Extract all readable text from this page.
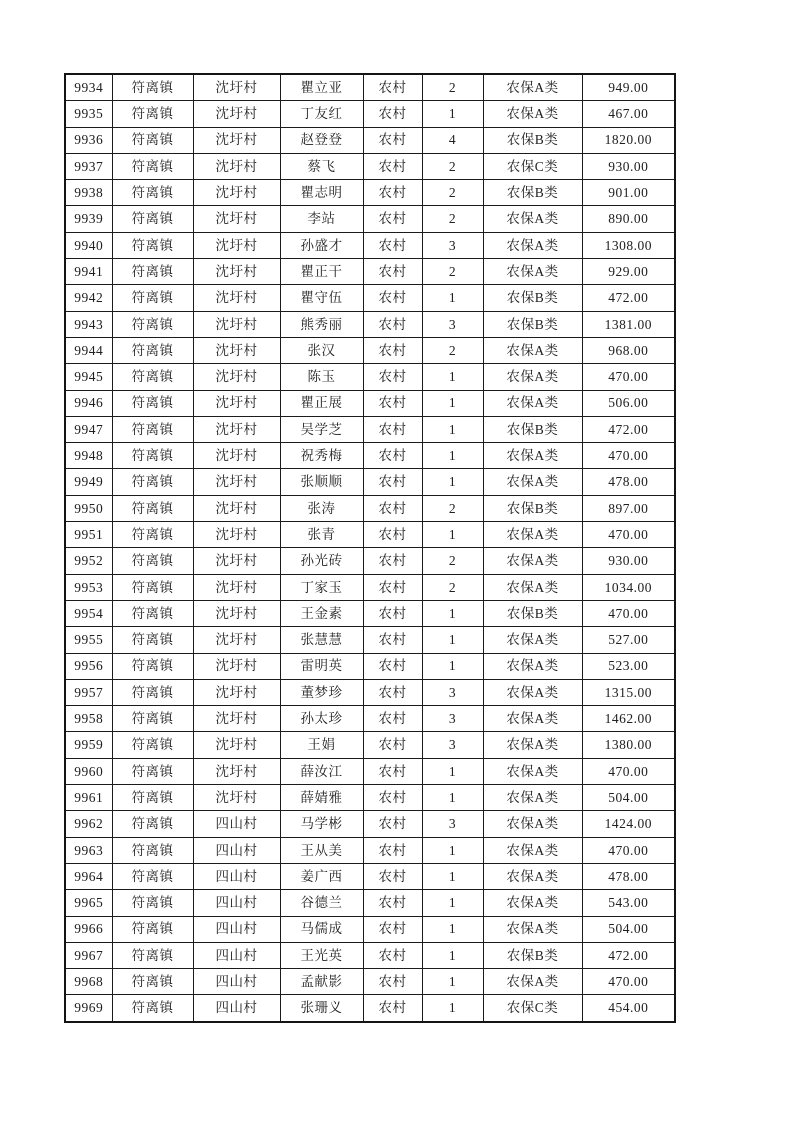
9934	符离镇	沈圩村	瞿立亚	农村	2	农保A类	949.00
9935	符离镇	沈圩村	丁友红	农村	1	农保A类	467.00
9936	符离镇	沈圩村	赵登登	农村	4	农保B类	1820.00
9937	符离镇	沈圩村	蔡飞	农村	2	农保C类	930.00
9938	符离镇	沈圩村	瞿志明	农村	2	农保B类	901.00
9939	符离镇	沈圩村	李站	农村	2	农保A类	890.00
9940	符离镇	沈圩村	孙盛才	农村	3	农保A类	1308.00
9941	符离镇	沈圩村	瞿正干	农村	2	农保A类	929.00
9942	符离镇	沈圩村	瞿守伍	农村	1	农保B类	472.00
9943	符离镇	沈圩村	熊秀丽	农村	3	农保B类	1381.00
9944	符离镇	沈圩村	张汉	农村	2	农保A类	968.00
9945	符离镇	沈圩村	陈玉	农村	1	农保A类	470.00
9946	符离镇	沈圩村	瞿正展	农村	1	农保A类	506.00
9947	符离镇	沈圩村	吴学芝	农村	1	农保B类	472.00
9948	符离镇	沈圩村	祝秀梅	农村	1	农保A类	470.00
9949	符离镇	沈圩村	张顺顺	农村	1	农保A类	478.00
9950	符离镇	沈圩村	张涛	农村	2	农保B类	897.00
9951	符离镇	沈圩村	张青	农村	1	农保A类	470.00
9952	符离镇	沈圩村	孙光砖	农村	2	农保A类	930.00
9953	符离镇	沈圩村	丁家玉	农村	2	农保A类	1034.00
9954	符离镇	沈圩村	王金素	农村	1	农保B类	470.00
9955	符离镇	沈圩村	张慧慧	农村	1	农保A类	527.00
9956	符离镇	沈圩村	雷明英	农村	1	农保A类	523.00
9957	符离镇	沈圩村	董梦珍	农村	3	农保A类	1315.00
9958	符离镇	沈圩村	孙太珍	农村	3	农保A类	1462.00
9959	符离镇	沈圩村	王娟	农村	3	农保A类	1380.00
9960	符离镇	沈圩村	薛汝江	农村	1	农保A类	470.00
9961	符离镇	沈圩村	薛婧雅	农村	1	农保A类	504.00
9962	符离镇	四山村	马学彬	农村	3	农保A类	1424.00
9963	符离镇	四山村	王从美	农村	1	农保A类	470.00
9964	符离镇	四山村	姜广西	农村	1	农保A类	478.00
9965	符离镇	四山村	谷德兰	农村	1	农保A类	543.00
9966	符离镇	四山村	马儒成	农村	1	农保A类	504.00
9967	符离镇	四山村	王光英	农村	1	农保B类	472.00
9968	符离镇	四山村	孟献影	农村	1	农保A类	470.00
9969	符离镇	四山村	张珊义	农村	1	农保C类	454.00
